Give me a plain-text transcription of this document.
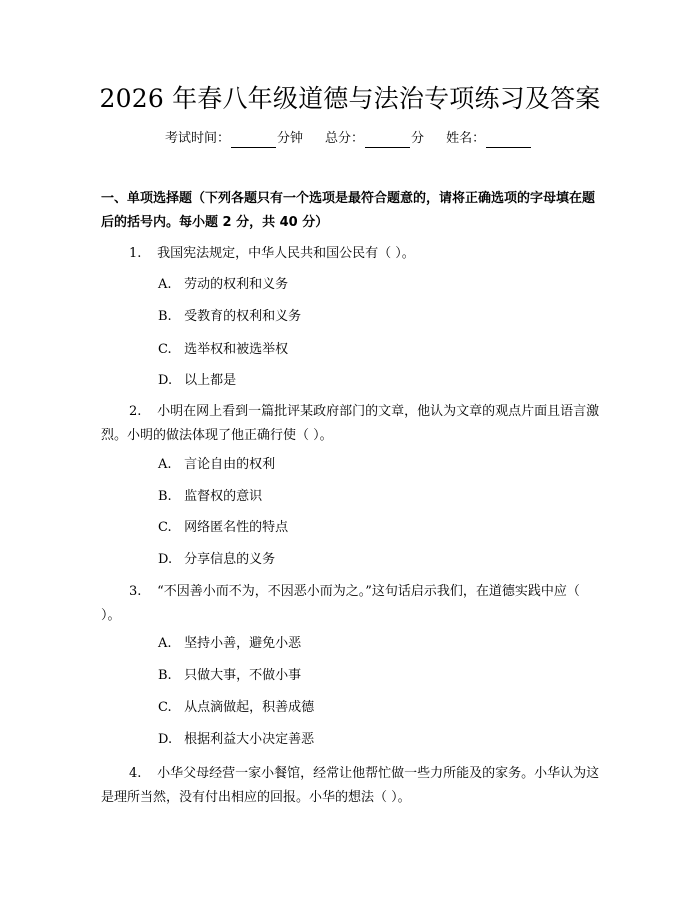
2026 年春八年级道德与法治专项练习及答案
考试时间：	分钟 总分：	分 姓名：
一、单项选择题（下列各题只有一个选项是最符合题意的，请将正确选项的字母填在题后的括号内。每小题 2 分，共 40 分）
1. 我国宪法规定，中华人民共和国公民有（ ）。
A. 劳动的权利和义务
B. 受教育的权利和义务
C. 选举权和被选举权
D. 以上都是
2. 小明在网上看到一篇批评某政府部门的文章，他认为文章的观点片面且语言激烈。小明的做法体现了他正确行使（ ）。
A. 言论自由的权利
B. 监督权的意识
C. 网络匿名性的特点
D. 分享信息的义务
3. “不因善小而不为，不因恶小而为之。”这句话启示我们，在道德实践中应（ ）。
A. 坚持小善，避免小恶
B. 只做大事，不做小事
C. 从点滴做起，积善成德
D. 根据利益大小决定善恶
4. 小华父母经营一家小餐馆，经常让他帮忙做一些力所能及的家务。小华认为这是理所当然，没有付出相应的回报。小华的想法（ ）。
